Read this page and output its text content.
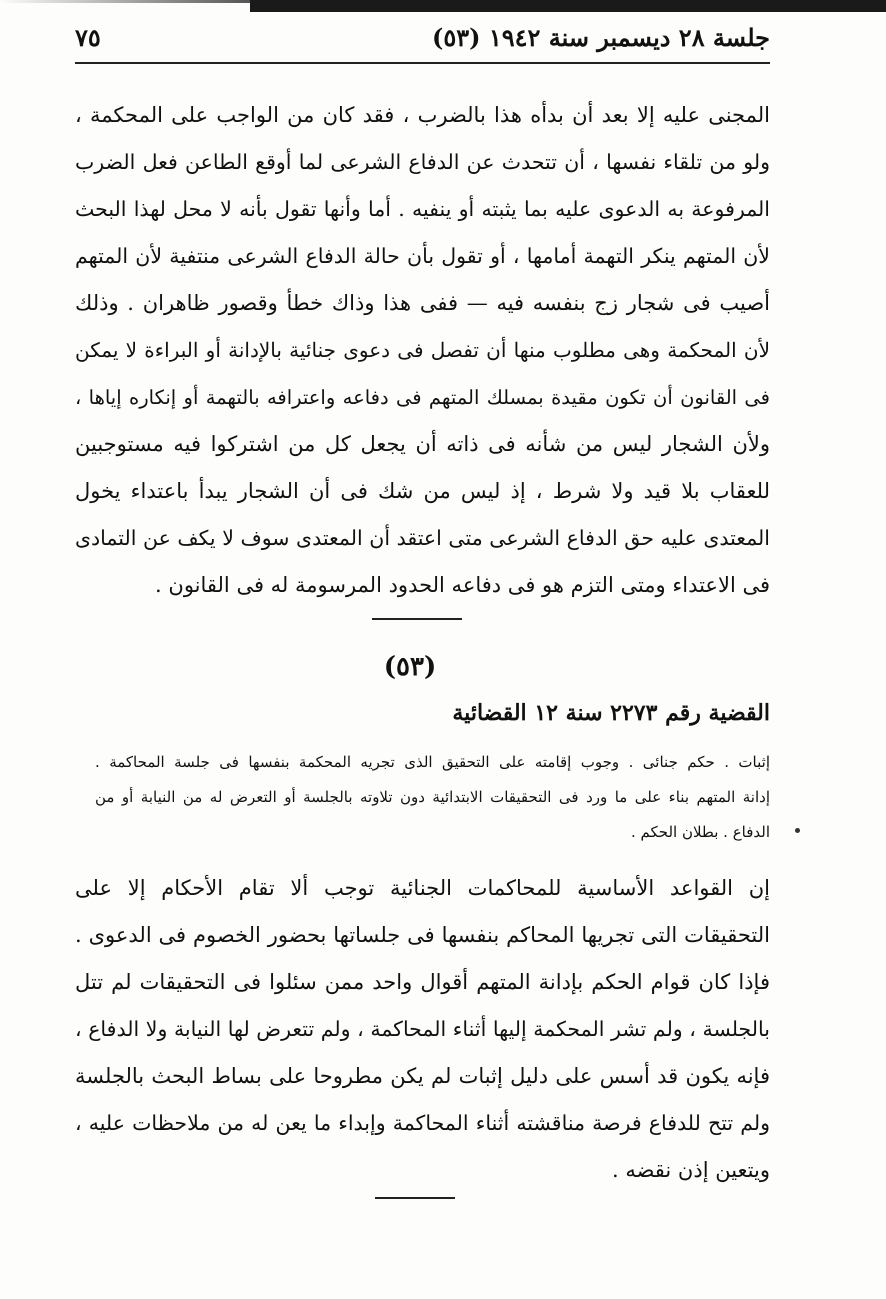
جلسة ٢٨ ديسمبر سنة ١٩٤٢ (٥٣)
٧٥
المجنى عليه إلا بعد أن بدأه هذا بالضرب ، فقد كان من الواجب على المحكمة ،
ولو من تلقاء نفسها ، أن تتحدث عن الدفاع الشرعى لما أوقع الطاعن فعل الضرب
المرفوعة به الدعوى عليه بما يثبته أو ينفيه . أما وأنها تقول بأنه لا محل لهذا البحث
لأن المتهم ينكر التهمة أمامها ، أو تقول بأن حالة الدفاع الشرعى منتفية لأن المتهم
أصيب فى شجار زج بنفسه فيه — ففى هذا وذاك خطأ وقصور ظاهران . وذلك
لأن المحكمة وهى مطلوب منها أن تفصل فى دعوى جنائية بالإدانة أو البراءة لا يمكن
فى القانون أن تكون مقيدة بمسلك المتهم فى دفاعه واعترافه بالتهمة أو إنكاره إياها ،
ولأن الشجار ليس من شأنه فى ذاته أن يجعل كل من اشتركوا فيه مستوجبين
للعقاب بلا قيد ولا شرط ، إذ ليس من شك فى أن الشجار يبدأ باعتداء يخول
المعتدى عليه حق الدفاع الشرعى متى اعتقد أن المعتدى سوف لا يكف عن التمادى
فى الاعتداء ومتى التزم هو فى دفاعه الحدود المرسومة له فى القانون .
(٥٣)
القضية رقم ٢٢٧٣ سنة ١٢ القضائية
إثبات . حكم جنائى . وجوب إقامته على التحقيق الذى تجريه المحكمة بنفسها فى جلسة المحاكمة .
إدانة المتهم بناء على ما ورد فى التحقيقات الابتدائية دون تلاوته بالجلسة أو التعرض له من النيابة أو من
الدفاع . بطلان الحكم .
إن القواعد الأساسية للمحاكمات الجنائية توجب ألا تقام الأحكام إلا على
التحقيقات التى تجريها المحاكم بنفسها فى جلساتها بحضور الخصوم فى الدعوى .
فإذا كان قوام الحكم بإدانة المتهم أقوال واحد ممن سئلوا فى التحقيقات لم تتل
بالجلسة ، ولم تشر المحكمة إليها أثناء المحاكمة ، ولم تتعرض لها النيابة ولا الدفاع ،
فإنه يكون قد أسس على دليل إثبات لم يكن مطروحا على بساط البحث بالجلسة
ولم تتح للدفاع فرصة مناقشته أثناء المحاكمة وإبداء ما يعن له من ملاحظات عليه ،
ويتعين إذن نقضه .
